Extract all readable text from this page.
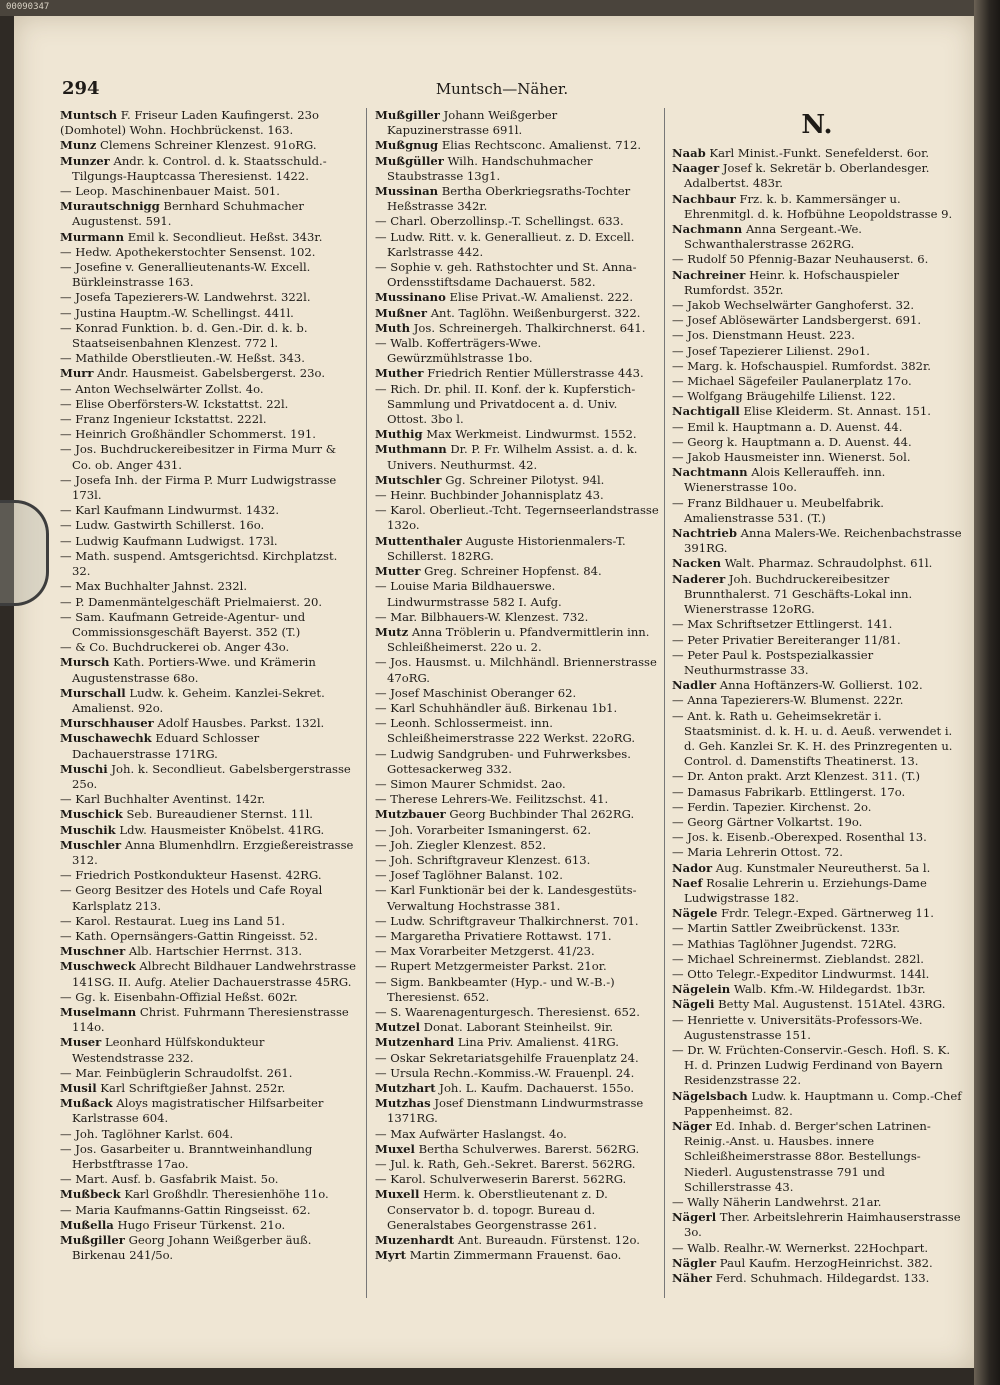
00090347
294	Muntsch—Näher.

Muntsch F. Friseur Laden Kaufingerst. 23o

(Domhotel) Wohn. Hochbrückenst. 163.

Munz Clemens Schreiner Klenzest. 91oRG.

Munzer Andr. k. Control. d. k. Staatsschuld.-Tilgungs-Hauptcassa Theresienst. 1422.

— Leop. Maschinenbauer Maist. 501.

Murautschnigg Bernhard Schuhmacher Augustenst. 591.

Murmann Emil k. Secondlieut. Heßst. 343r.

— Hedw. Apothekerstochter Sensenst. 102.

— Josefine v. Generallieutenants-W. Excell. Bürkleinstrasse 163.

— Josefa Tapezierers-W. Landwehrst. 322l.

— Justina Hauptm.-W. Schellingst. 441l.

— Konrad Funktion. b. d. Gen.-Dir. d. k. b. Staatseisenbahnen Klenzest. 772 l.

— Mathilde Oberstlieuten.-W. Heßst. 343.

Murr Andr. Hausmeist. Gabelsbergerst. 23o.

— Anton Wechselwärter Zollst. 4o.

— Elise Oberförsters-W. Ickstattst. 22l.

— Franz Ingenieur Ickstattst. 222l.

— Heinrich Großhändler Schommerst. 191.

— Jos. Buchdruckereibesitzer in Firma Murr & Co. ob. Anger 431.

— Josefa Inh. der Firma P. Murr Ludwigstrasse 173l.

— Karl Kaufmann Lindwurmst. 1432.

— Ludw. Gastwirth Schillerst. 16o.

— Ludwig Kaufmann Ludwigst. 173l.

— Math. suspend. Amtsgerichtsd. Kirchplatzst. 32.

— Max Buchhalter Jahnst. 232l.

— P. Damenmäntelgeschäft Prielmaierst. 20.

— Sam. Kaufmann Getreide-Agentur- und Commissionsgeschäft Bayerst. 352 (T.)

— & Co. Buchdruckerei ob. Anger 43o.

Mursch Kath. Portiers-Wwe. und Krämerin Augustenstrasse 68o.

Murschall Ludw. k. Geheim. Kanzlei-Sekret. Amalienst. 92o.

Murschhauser Adolf Hausbes. Parkst. 132l.

Muschawechk Eduard Schlosser Dachauerstrasse 171RG.

Muschi Joh. k. Secondlieut. Gabelsbergerstrasse 25o.

— Karl Buchhalter Aventinst. 142r.

Muschick Seb. Bureaudiener Sternst. 11l.

Muschik Ldw. Hausmeister Knöbelst. 41RG.

Muschler Anna Blumenhdlrn. Erzgießereistrasse 312.

— Friedrich Postkondukteur Hasenst. 42RG.

— Georg Besitzer des Hotels und Cafe Royal Karlsplatz 213.

— Karol. Restaurat. Lueg ins Land 51.

— Kath. Opernsängers-Gattin Ringeisst. 52.

Muschner Alb. Hartschier Herrnst. 313.

Muschweck Albrecht Bildhauer Landwehrstrasse 141SG. II. Aufg. Atelier Dachauerstrasse 45RG.

— Gg. k. Eisenbahn-Offizial Heßst. 602r.

Muselmann Christ. Fuhrmann Theresienstrasse 114o.

Muser Leonhard Hülfskondukteur Westendstrasse 232.

— Mar. Feinbüglerin Schraudolfst. 261.

Musil Karl Schriftgießer Jahnst. 252r.

Mußack Aloys magistratischer Hilfsarbeiter Karlstrasse 604.

— Joh. Taglöhner Karlst. 604.

— Jos. Gasarbeiter u. Branntweinhandlung Herbstftrasse 17ao.

— Mart. Ausf. b. Gasfabrik Maist. 5o.

Mußbeck Karl Großhdlr. Theresienhöhe 11o.

— Maria Kaufmanns-Gattin Ringseisst. 62.

Mußella Hugo Friseur Türkenst. 21o.

Mußgiller Georg Johann Weißgerber äuß. Birkenau 241/5o.

Mußgiller Johann Weißgerber Kapuzinerstrasse 691l.

Mußgnug Elias Rechtsconc. Amalienst. 712.

Mußgüller Wilh. Handschuhmacher Staubstrasse 13g1.

Mussinan Bertha Oberkriegsraths-Tochter Heßstrasse 342r.

— Charl. Oberzollinsp.-T. Schellingst. 633.

— Ludw. Ritt. v. k. Generallieut. z. D. Excell. Karlstrasse 442.

— Sophie v. geh. Rathstochter und St. Anna-Ordensstiftsdame Dachauerst. 582.

Mussinano Elise Privat.-W. Amalienst. 222.

Mußner Ant. Taglöhn. Weißenburgerst. 322.

Muth Jos. Schreinergeh. Thalkirchnerst. 641.

— Walb. Kofferträgers-Wwe. Gewürzmühlstrasse 1bo.

Muther Friedrich Rentier Müllerstrasse 443.

— Rich. Dr. phil. II. Konf. der k. Kupferstich-Sammlung und Privatdocent a. d. Univ. Ottost. 3bo l.

Muthig Max Werkmeist. Lindwurmst. 1552.

Muthmann Dr. P. Fr. Wilhelm Assist. a. d. k. Univers. Neuthurmst. 42.

Mutschler Gg. Schreiner Pilotyst. 94l.

— Heinr. Buchbinder Johannisplatz 43.

— Karol. Oberlieut.-Tcht. Tegernseerlandstrasse 132o.

Muttenthaler Auguste Historienmalers-T. Schillerst. 182RG.

Mutter Greg. Schreiner Hopfenst. 84.

— Louise Maria Bildhauerswe. Lindwurmstrasse 582 I. Aufg.

— Mar. Bilbhauers-W. Klenzest. 732.

Mutz Anna Tröblerin u. Pfandvermittlerin inn. Schleißheimerst. 22o u. 2.

— Jos. Hausmst. u. Milchhändl. Briennerstrasse 47oRG.

— Josef Maschinist Oberanger 62.

— Karl Schuhhändler äuß. Birkenau 1b1.

— Leonh. Schlossermeist. inn. Schleißheimerstrasse 222 Werkst. 22oRG.

— Ludwig Sandgruben- und Fuhrwerksbes. Gottesackerweg 332.

— Simon Maurer Schmidst. 2ao.

— Therese Lehrers-We. Feilitzschst. 41.

Mutzbauer Georg Buchbinder Thal 262RG.

— Joh. Vorarbeiter Ismaningerst. 62.

— Joh. Ziegler Klenzest. 852.

— Joh. Schriftgraveur Klenzest. 613.

— Josef Taglöhner Balanst. 102.

— Karl Funktionär bei der k. Landesgestüts-Verwaltung Hochstrasse 381.

— Ludw. Schriftgraveur Thalkirchnerst. 701.

— Margaretha Privatiere Rottawst. 171.

— Max Vorarbeiter Metzgerst. 41/23.

— Rupert Metzgermeister Parkst. 21or.

— Sigm. Bankbeamter (Hyp.- und W.-B.-) Theresienst. 652.

— S. Waarenagenturgesch. Theresienst. 652.

Mutzel Donat. Laborant Steinheilst. 9ir.

Mutzenhard Lina Priv. Amalienst. 41RG.

— Oskar Sekretariatsgehilfe Frauenplatz 24.

— Ursula Rechn.-Kommiss.-W. Frauenpl. 24.

Mutzhart Joh. L. Kaufm. Dachauerst. 155o.

Mutzhas Josef Dienstmann Lindwurmstrasse 1371RG.

— Max Aufwärter Haslangst. 4o.

Muxel Bertha Schulverwes. Barerst. 562RG.

— Jul. k. Rath, Geh.-Sekret. Barerst. 562RG.

— Karol. Schulverweserin Barerst. 562RG.

Muxell Herm. k. Oberstlieutenant z. D. Conservator b. d. topogr. Bureau d. Generalstabes Georgenstrasse 261.

Muzenhardt Ant. Bureaudn. Fürstenst. 12o.

Myrt Martin Zimmermann Frauenst. 6ao.

N.

Naab Karl Minist.-Funkt. Senefelderst. 6or.

Naager Josef k. Sekretär b. Oberlandesger. Adalbertst. 483r.

Nachbaur Frz. k. b. Kammersänger u. Ehrenmitgl. d. k. Hofbühne Leopoldstrasse 9.

Nachmann Anna Sergeant.-We. Schwanthalerstrasse 262RG.

— Rudolf 50 Pfennig-Bazar Neuhauserst. 6.

Nachreiner Heinr. k. Hofschauspieler Rumfordst. 352r.

— Jakob Wechselwärter Ganghoferst. 32.

— Josef Ablösewärter Landsbergerst. 691.

— Jos. Dienstmann Heust. 223.

— Josef Tapezierer Lilienst. 29o1.

— Marg. k. Hofschauspiel. Rumfordst. 382r.

— Michael Sägefeiler Paulanerplatz 17o.

— Wolfgang Bräugehilfe Lilienst. 122.

Nachtigall Elise Kleiderm. St. Annast. 151.

— Emil k. Hauptmann a. D. Auenst. 44.

— Georg k. Hauptmann a. D. Auenst. 44.

— Jakob Hausmeister inn. Wienerst. 5ol.

Nachtmann Alois Kellerauffeh. inn. Wienerstrasse 10o.

— Franz Bildhauer u. Meubelfabrik. Amalienstrasse 531. (T.)

Nachtrieb Anna Malers-We. Reichenbachstrasse 391RG.

Nacken Walt. Pharmaz. Schraudolphst. 61l.

Naderer Joh. Buchdruckereibesitzer Brunnthalerst. 71 Geschäfts-Lokal inn. Wienerstrasse 12oRG.

— Max Schriftsetzer Ettlingerst. 141.

— Peter Privatier Bereiteranger 11/81.

— Peter Paul k. Postspezialkassier Neuthurmstrasse 33.

Nadler Anna Hoftänzers-W. Gollierst. 102.

— Anna Tapezierers-W. Blumenst. 222r.

— Ant. k. Rath u. Geheimsekretär i. Staatsminist. d. k. H. u. d. Aeuß. verwendet i. d. Geh. Kanzlei Sr. K. H. des Prinzregenten u. Control. d. Damenstifts Theatinerst. 13.

— Dr. Anton prakt. Arzt Klenzest. 311. (T.)

— Damasus Fabrikarb. Ettlingerst. 17o.

— Ferdin. Tapezier. Kirchenst. 2o.

— Georg Gärtner Volkartst. 19o.

— Jos. k. Eisenb.-Oberexped. Rosenthal 13.

— Maria Lehrerin Ottost. 72.

Nador Aug. Kunstmaler Neureutherst. 5a l.

Naef Rosalie Lehrerin u. Erziehungs-Dame Ludwigstrasse 182.

Nägele Frdr. Telegr.-Exped. Gärtnerweg 11.

— Martin Sattler Zweibrückenst. 133r.

— Mathias Taglöhner Jugendst. 72RG.

— Michael Schreinermst. Zieblandst. 282l.

— Otto Telegr.-Expeditor Lindwurmst. 144l.

Nägelein Walb. Kfm.-W. Hildegardst. 1b3r.

Nägeli Betty Mal. Augustenst. 151Atel. 43RG.

— Henriette v. Universitäts-Professors-We. Augustenstrasse 151.

— Dr. W. Früchten-Conservir.-Gesch. Hofl. S. K. H. d. Prinzen Ludwig Ferdinand von Bayern Residenzstrasse 22.

Nägelsbach Ludw. k. Hauptmann u. Comp.-Chef Pappenheimst. 82.

Näger Ed. Inhab. d. Berger'schen Latrinen-Reinig.-Anst. u. Hausbes. innere Schleißheimerstrasse 88or. Bestellungs-Niederl. Augustenstrasse 791 und Schillerstrasse 43.

— Wally Näherin Landwehrst. 21ar.

Nägerl Ther. Arbeitslehrerin Haimhauserstrasse 3o.

— Walb. Realhr.-W. Wernerkst. 22Hochpart.

Nägler Paul Kaufm. HerzogHeinrichst. 382.

Näher Ferd. Schuhmach. Hildegardst. 133.
